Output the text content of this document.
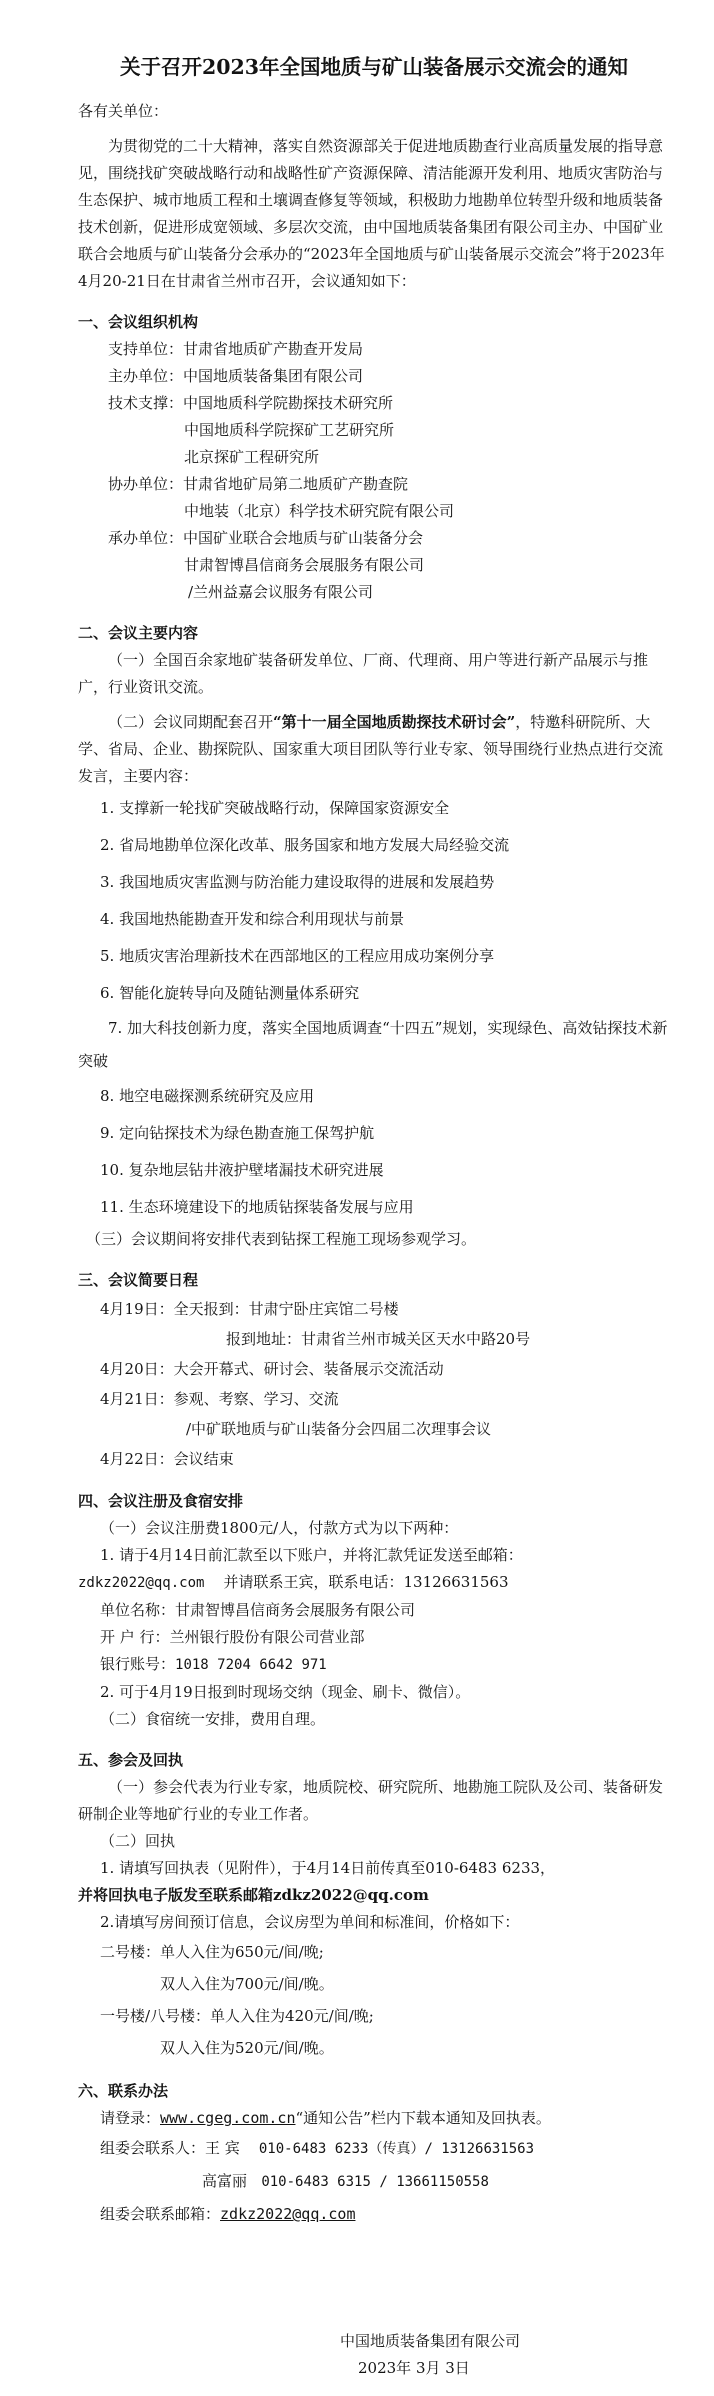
关于召开2023年全国地质与矿山装备展示交流会的通知
各有关单位：

为贯彻党的二十大精神，落实自然资源部关于促进地质勘查行业高质量发展的指导意见，围绕找矿突破战略行动和战略性矿产资源保障、清洁能源开发利用、地质灾害防治与生态保护、城市地质工程和土壤调查修复等领域，积极助力地勘单位转型升级和地质装备技术创新，促进形成宽领域、多层次交流，由中国地质装备集团有限公司主办、中国矿业联合会地质与矿山装备分会承办的“2023年全国地质与矿山装备展示交流会”将于2023年4月20-21日在甘肃省兰州市召开，会议通知如下：

一、会议组织机构
支持单位：甘肃省地质矿产勘查开发局
主办单位：中国地质装备集团有限公司
技术支撑：中国地质科学院勘探技术研究所
中国地质科学院探矿工艺研究所
北京探矿工程研究所
协办单位：甘肃省地矿局第二地质矿产勘查院
中地装（北京）科学技术研究院有限公司
承办单位：中国矿业联合会地质与矿山装备分会
甘肃智博昌信商务会展服务有限公司
/兰州益嘉会议服务有限公司
二、会议主要内容

（一）全国百余家地矿装备研发单位、厂商、代理商、用户等进行新产品展示与推广，行业资讯交流。

（二）会议同期配套召开“第十一届全国地质勘探技术研讨会”，特邀科研院所、大学、省局、企业、勘探院队、国家重大项目团队等行业专家、领导围绕行业热点进行交流发言，主要内容：

1. 支撑新一轮找矿突破战略行动，保障国家资源安全
2. 省局地勘单位深化改革、服务国家和地方发展大局经验交流
3. 我国地质灾害监测与防治能力建设取得的进展和发展趋势
4. 我国地热能勘查开发和综合利用现状与前景
5. 地质灾害治理新技术在西部地区的工程应用成功案例分享
6. 智能化旋转导向及随钻测量体系研究

7. 加大科技创新力度，落实全国地质调查“十四五”规划，实现绿色、高效钻探技术新突破

8. 地空电磁探测系统研究及应用
9. 定向钻探技术为绿色勘查施工保驾护航
10. 复杂地层钻井液护壁堵漏技术研究进展
11. 生态环境建设下的地质钻探装备发展与应用
（三）会议期间将安排代表到钻探工程施工现场参观学习。
三、会议简要日程
4月19日：全天报到：甘肃宁卧庄宾馆二号楼
报到地址：甘肃省兰州市城关区天水中路20号
4月20日：大会开幕式、研讨会、装备展示交流活动
4月21日：参观、考察、学习、交流
/中矿联地质与矿山装备分会四届二次理事会议
4月22日：会议结束
四、会议注册及食宿安排
（一）会议注册费1800元/人，付款方式为以下两种：
1. 请于4月14日前汇款至以下账户，并将汇款凭证发送至邮箱：
zdkz2022@qq.com 并请联系王宾，联系电话：13126631563
单位名称：甘肃智博昌信商务会展服务有限公司
开 户 行：兰州银行股份有限公司营业部
银行账号：1018 7204 6642 971
2. 可于4月19日报到时现场交纳（现金、刷卡、微信）。
（二）食宿统一安排，费用自理。
五、参会及回执

（一）参会代表为行业专家，地质院校、研究院所、地勘施工院队及公司、装备研发研制企业等地矿行业的专业工作者。

（二）回执
1. 请填写回执表（见附件），于4月14日前传真至010-6483 6233，
并将回执电子版发至联系邮箱zdkz2022@qq.com
2.请填写房间预订信息，会议房型为单间和标准间，价格如下：
二号楼：单人入住为650元/间/晚;
双人入住为700元/间/晚。
一号楼/八号楼：单人入住为420元/间/晚;
双人入住为520元/间/晚。
六、联系办法
请登录：www.cgeg.com.cn“通知公告”栏内下载本通知及回执表。
组委会联系人：王 宾 010-6483 6233（传真）/ 13126631563
高富丽 010-6483 6315 / 13661150558
组委会联系邮箱：zdkz2022@qq.com
中国地质装备集团有限公司
2023年 3月 3日
